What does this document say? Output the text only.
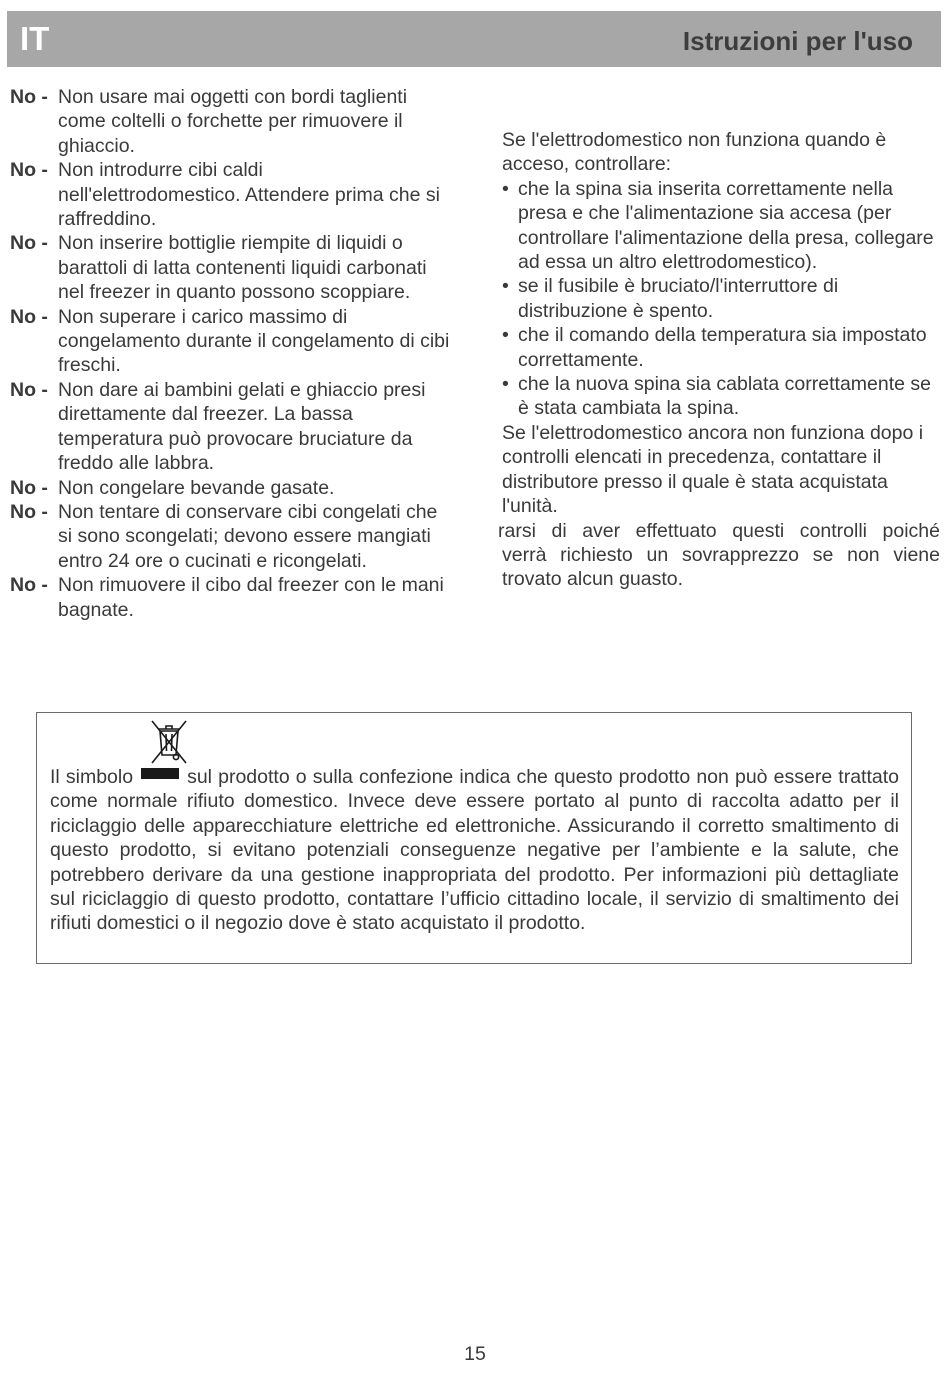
IT	Istruzioni per l'uso
No - Non usare mai oggetti con bordi taglienti come coltelli o forchette per rimuovere il ghiaccio.
No - Non introdurre cibi caldi nell'elettrodomestico. Attendere prima che si raffreddino.
No - Non inserire bottiglie riempite di liquidi o barattoli di latta contenenti liquidi carbonati nel freezer in quanto possono scoppiare.
No - Non superare i carico massimo di congelamento durante il congelamento di cibi freschi.
No - Non dare ai bambini gelati e ghiaccio presi direttamente dal freezer. La bassa temperatura può provocare bruciature da freddo alle labbra.
No - Non congelare bevande gasate.
No - Non tentare di conservare cibi congelati che si sono scongelati; devono essere mangiati entro 24 ore o cucinati e ricongelati.
No - Non rimuovere il cibo dal freezer con le mani bagnate.

Se l'elettrodomestico non funziona quando è acceso, controllare:

• che la spina sia inserita correttamente nella presa e che l'alimentazione sia accesa (per controllare l'alimentazione della presa, collegare ad essa un altro elettrodomestico).
• se il fusibile è bruciato/l'interruttore di distribuzione è spento.
• che il comando della temperatura sia impostato correttamente.
• che la nuova spina sia cablata correttamente se è stata cambiata la spina.

Se l'elettrodomestico ancora non funziona dopo i controlli elencati in precedenza, contattare il distributore presso il quale è stata acquistata l'unità.

rarsi di aver effettuato questi controlli poiché
verrà richiesto un sovrapprezzo se non viene
trovato alcun guasto.
Il simbolo	sul prodotto o sulla confezione indica che questo prodotto non può essere trattato come normale rifiuto domestico. Invece deve essere portato al punto di raccolta adatto per il riciclaggio delle apparecchiature elettriche ed elettroniche. Assicurando il corretto smaltimento di questo prodotto, si evitano potenziali conseguenze negative per l’ambiente e la salute, che potrebbero derivare da una gestione inappropriata del prodotto. Per informazioni più dettagliate sul riciclaggio di questo prodotto, contattare l’ufficio cittadino locale, il servizio di smaltimento dei rifiuti domestici o il negozio dove è stato acquistato il prodotto.
15
